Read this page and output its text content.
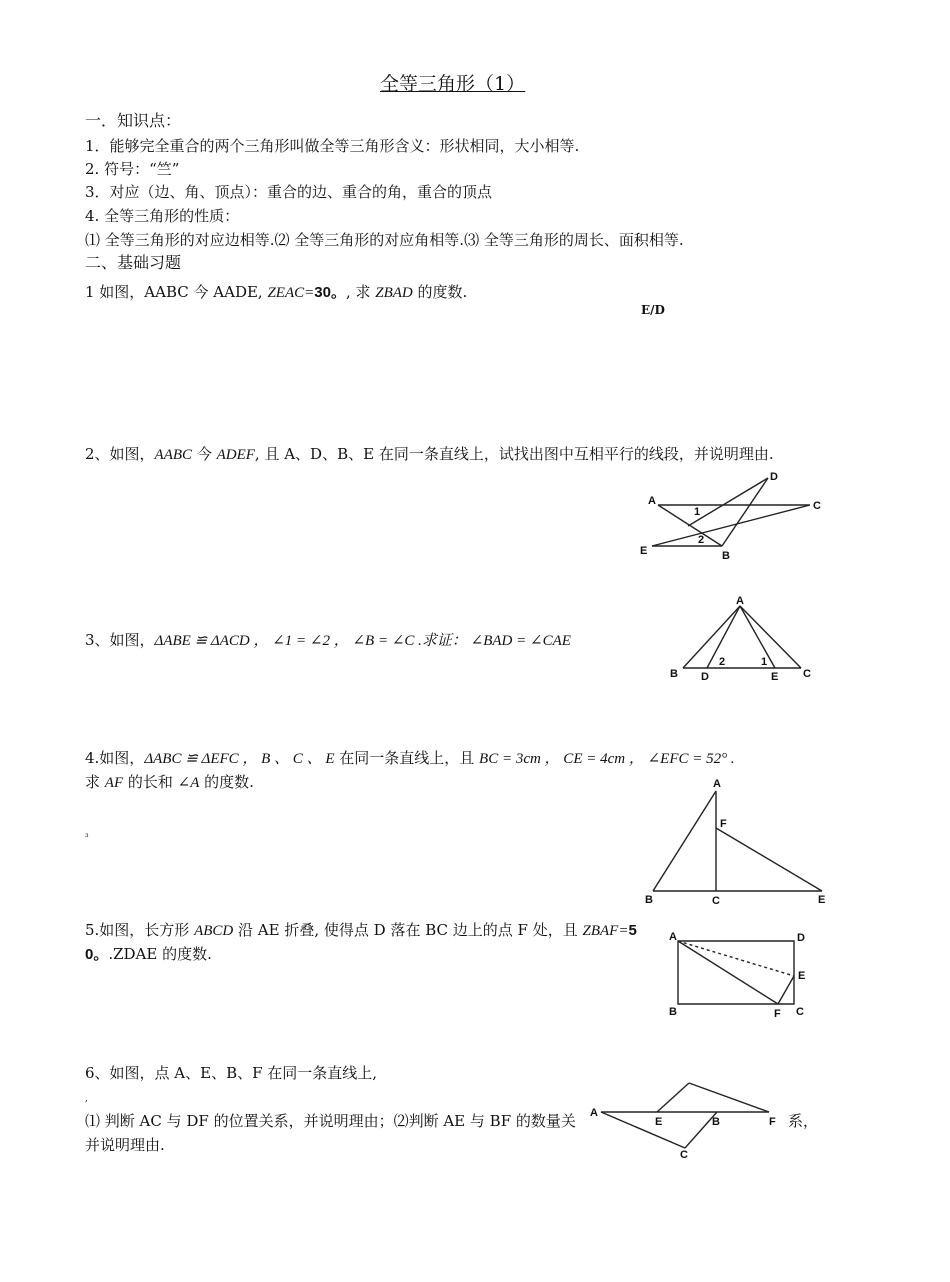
全等三角形（1）
一．知识点：
1．能够完全重合的两个三角形叫做全等三角形含义：形状相同，大小相等.
2. 符号：“竺”
3．对应（边、角、顶点）：重合的边、重合的角，重合的顶点
4. 全等三角形的性质：
⑴ 全等三角形的对应边相等.⑵ 全等三角形的对应角相等.⑶ 全等三角形的周长、面积相等.
二、基础习题
1 如图，AABC 今 AADE, ZEAC=30。, 求 ZBAD 的度数.
E/D
2、如图，AABC 今 ADEF, 且 A、D、B、E 在同一条直线上，试找出图中互相平行的线段，并说明理由.
A
D
C
E	B
1
2
3、如图，ΔABE ≌ ΔACD ， ∠1 = ∠2 ， ∠B = ∠C .求证： ∠BAD = ∠CAE
A
B D	E C
2	1
4.如图，ΔABC ≌ ΔEFC ， B 、 C 、 E 在同一条直线上，且 BC = 3cm ， CE = 4cm ， ∠EFC = 52° .
求 AF 的长和 ∠A 的度数.
³
A
F
B	C	E
5.如图，长方形 ABCD 沿 AE 折叠, 使得点 D 落在 BC 边上的点 F 处，且 ZBAF=5
0。.ZDAE 的度数.
A	D
E
B	F C
6、如图，点 A、E、B、F 在同一条直线上,
,
⑴ 判断 AC 与 DF 的位置关系，并说明理由；⑵判断 AE 与 BF 的数量关	系，
并说明理由.
A
E	B	F
C
